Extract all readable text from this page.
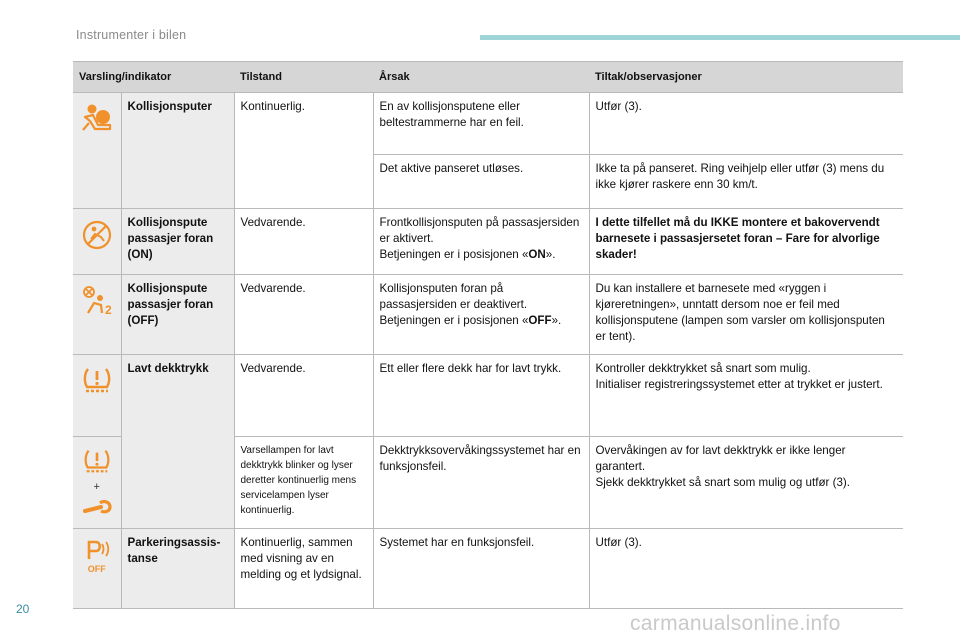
Instrumenter i bilen
Varsling/indikator		Tilstand	Årsak	Tiltak/observasjoner

	Kollisjonsputer	Kontinuerlig.	En av kollisjonsputene eller beltestrammerne har en feil.	Utfør (3).
			Det aktive panseret utløses.	Ikke ta på panseret. Ring veihjelp eller utfør (3) mens du ikke kjører raskere enn 30 km/t.

	Kollisjonspute passasjer foran (ON)	Vedvarende.	Frontkollisjonsputen på passasjersiden er aktivert.
Betjeningen er i posisjonen «ON».	I dette tilfellet må du IKKE montere et bakovervendt barnesete i passasjersetet foran – Fare for alvorlige skader!

2	Kollisjonspute passasjer foran (OFF)	Vedvarende.	Kollisjonsputen foran på passasjersiden er deaktivert.
Betjeningen er i posisjonen «OFF».	Du kan installere et barnesete med «ryggen i kjøreretningen», unntatt dersom noe er feil med kollisjonsputene (lampen som varsler om kollisjonsputen er tent).

	Lavt dekktrykk	Vedvarende.	Ett eller flere dekk har for lavt trykk.	Kontroller dekktrykket så snart som mulig.
Initialiser registreringssystemet etter at trykket er justert.

+		Varsellampen for lavt dekktrykk blinker og lyser deretter kontinuerlig mens servicelampen lyser kontinuerlig.	Dekktrykksovervåkingssystemet har en funksjonsfeil.	Overvåkingen av for lavt dekktrykk er ikke lenger garantert.
Sjekk dekktrykket så snart som mulig og utfør (3).

OFF	Parkeringsassis-tanse	Kontinuerlig, sammen med visning av en melding og et lydsignal.	Systemet har en funksjonsfeil.	Utfør (3).
20
carmanualsonline.info
